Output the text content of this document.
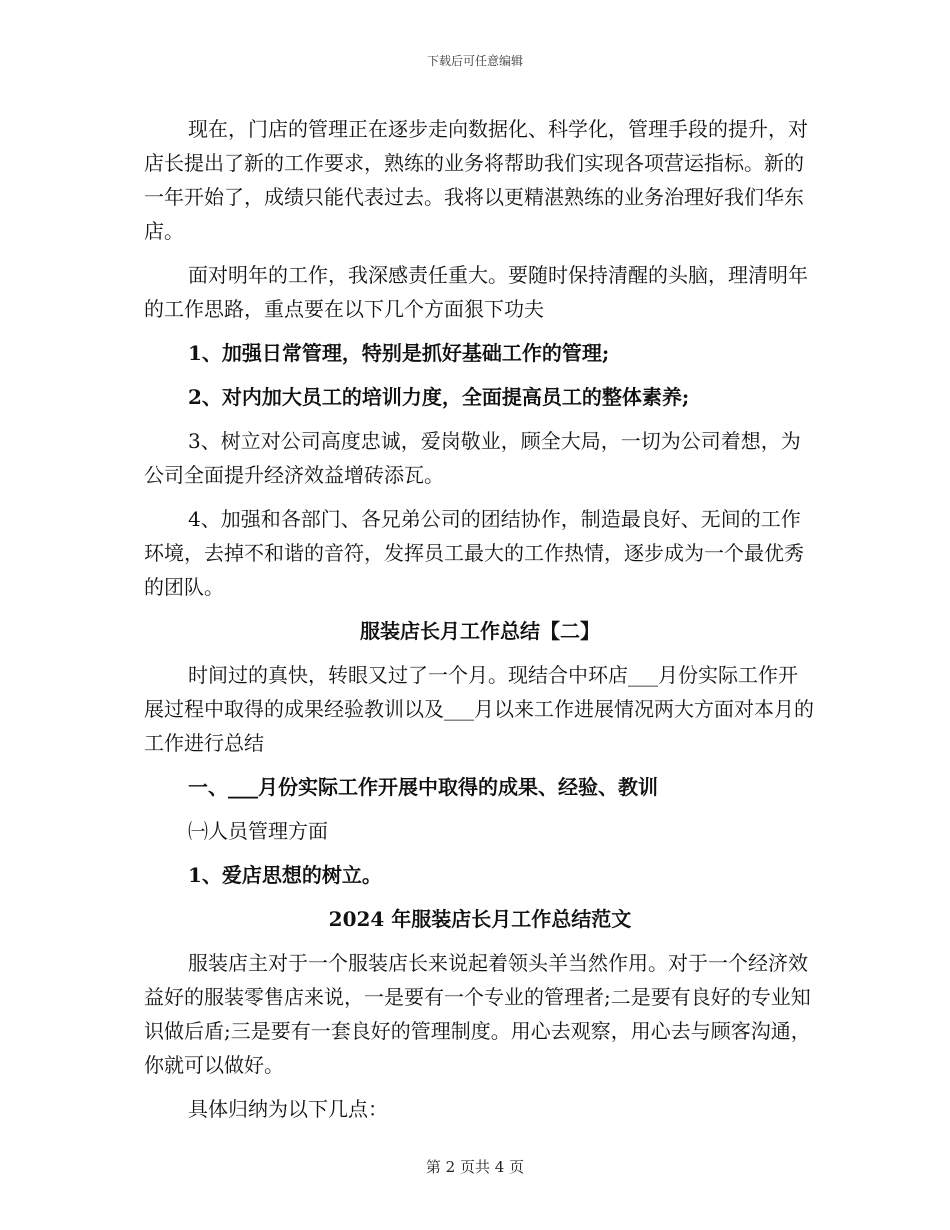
下载后可任意编辑

现在，门店的管理正在逐步走向数据化、科学化，管理手段的提升，对店长提出了新的工作要求，熟练的业务将帮助我们实现各项营运指标。新的一年开始了，成绩只能代表过去。我将以更精湛熟练的业务治理好我们华东店。

面对明年的工作，我深感责任重大。要随时保持清醒的头脑，理清明年的工作思路，重点要在以下几个方面狠下功夫

1、加强日常管理，特别是抓好基础工作的管理;

2、对内加大员工的培训力度，全面提高员工的整体素养;

3、树立对公司高度忠诚，爱岗敬业，顾全大局，一切为公司着想，为公司全面提升经济效益增砖添瓦。

4、加强和各部门、各兄弟公司的团结协作，制造最良好、无间的工作环境，去掉不和谐的音符，发挥员工最大的工作热情，逐步成为一个最优秀的团队。

服装店长月工作总结【二】

时间过的真快，转眼又过了一个月。现结合中环店___月份实际工作开展过程中取得的成果经验教训以及___月以来工作进展情况两大方面对本月的工作进行总结

一、___月份实际工作开展中取得的成果、经验、教训

㈠人员管理方面

1、爱店思想的树立。

2024 年服装店长月工作总结范文

服装店主对于一个服装店长来说起着领头羊当然作用。对于一个经济效益好的服装零售店来说，一是要有一个专业的管理者;二是要有良好的专业知识做后盾;三是要有一套良好的管理制度。用心去观察，用心去与顾客沟通，你就可以做好。

具体归纳为以下几点：

第 2 页共 4 页
